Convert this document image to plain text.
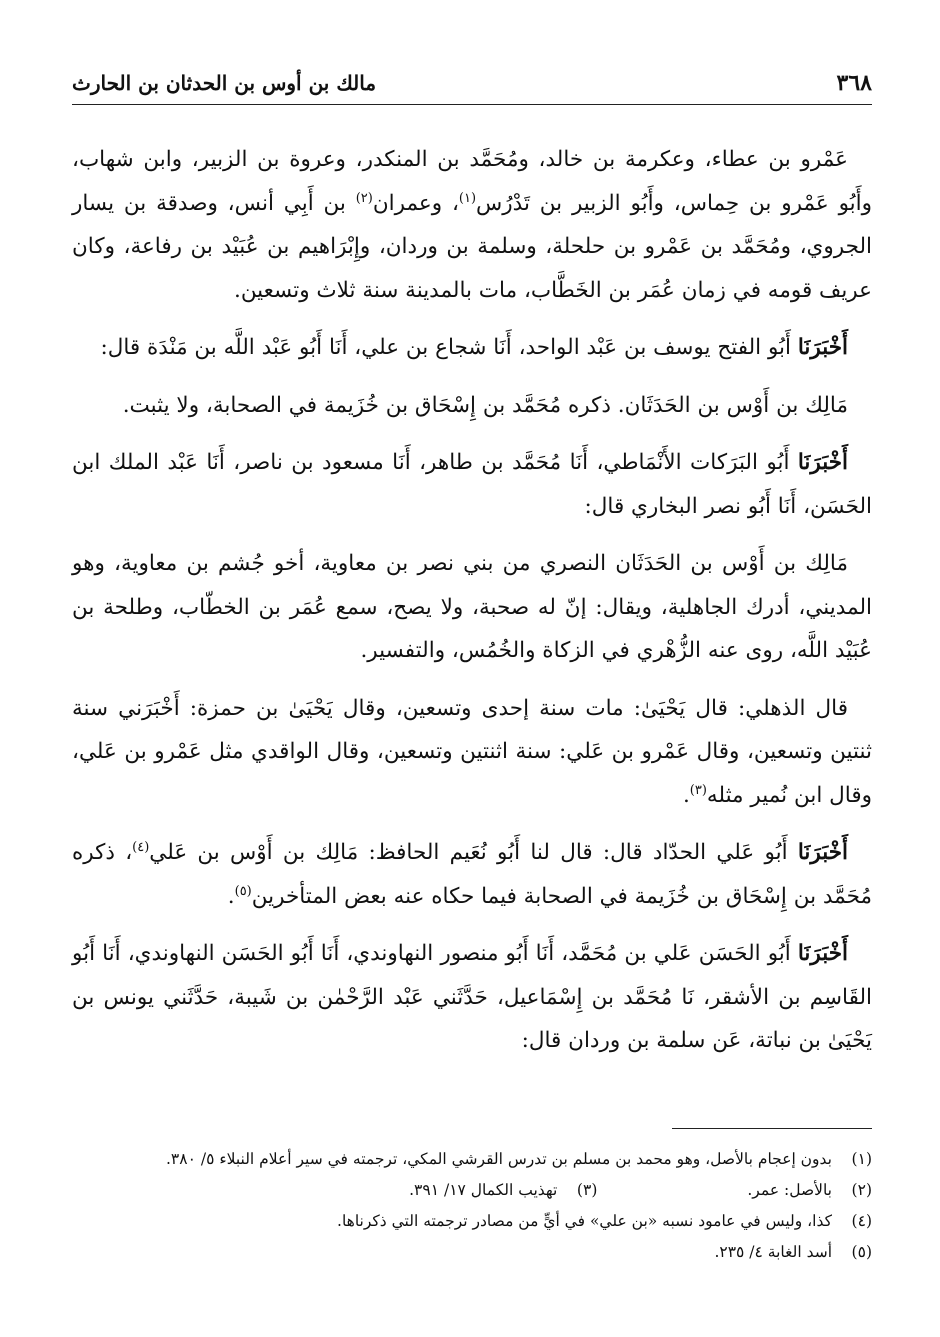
٣٦٨
مالك بن أوس بن الحدثان بن الحارث

عَمْرو بن عطاء، وعكرمة بن خالد، ومُحَمَّد بن المنكدر، وعروة بن الزبير، وابن شهاب، وأَبُو عَمْرو بن حِماس، وأَبُو الزبير بن تَدْرُس$^{(١)}$، وعمران$^{(٢)}$ بن أَبِي أنس، وصدقة بن يسار الجروي، ومُحَمَّد بن عَمْرو بن حلحلة، وسلمة بن وردان، وإِبْرَاهيم بن عُبَيْد بن رفاعة، وكان عريف قومه في زمان عُمَر بن الخَطَّاب، مات بالمدينة سنة ثلاث وتسعين.

أَخْبَرَنَا أَبُو الفتح يوسف بن عَبْد الواحد، أَنَا شجاع بن علي، أَنَا أَبُو عَبْد اللَّه بن مَنْدَة قال:

مَالِك بن أَوْس بن الحَدَثَان. ذكره مُحَمَّد بن إِسْحَاق بن خُزَيمة في الصحابة، ولا يثبت.

أَخْبَرَنَا أَبُو البَرَكات الأَنْمَاطي، أَنَا مُحَمَّد بن طاهر، أَنَا مسعود بن ناصر، أَنَا عَبْد الملك ابن الحَسَن، أَنَا أَبُو نصر البخاري قال:

مَالِك بن أَوْس بن الحَدَثَان النصري من بني نصر بن معاوية، أخو جُشم بن معاوية، وهو المديني، أدرك الجاهلية، ويقال: إنّ له صحبة، ولا يصح، سمع عُمَر بن الخطّاب، وطلحة بن عُبَيْد اللَّه، روى عنه الزُّهْري في الزكاة والخُمُس، والتفسير.

قال الذهلي: قال يَحْيَىٰ: مات سنة إحدى وتسعين، وقال يَحْيَىٰ بن حمزة: أَخْبَرَني سنة ثنتين وتسعين، وقال عَمْرو بن عَلي: سنة اثنتين وتسعين، وقال الواقدي مثل عَمْرو بن عَلي، وقال ابن نُمير مثله$^{(٣)}$.

أَخْبَرَنَا أَبُو عَلي الحدّاد قال: قال لنا أَبُو نُعَيم الحافظ: مَالِك بن أَوْس بن عَلي$^{(٤)}$، ذكره مُحَمَّد بن إِسْحَاق بن خُزَيمة في الصحابة فيما حكاه عنه بعض المتأخرين$^{(٥)}$.

أَخْبَرَنَا أَبُو الحَسَن عَلي بن مُحَمَّد، أَنَا أَبُو منصور النهاوندي، أَنَا أَبُو الحَسَن النهاوندي، أَنَا أَبُو القَاسِم بن الأشقر، نَا مُحَمَّد بن إِسْمَاعيل، حَدَّثَني عَبْد الرَّحْمٰن بن شَيبة، حَدَّثَني يونس بن يَحْيَىٰ بن نباتة، عَن سلمة بن وردان قال:

(١)
بدون إعجام بالأصل، وهو محمد بن مسلم بن تدرس القرشي المكي، ترجمته في سير أعلام النبلاء ٥/ ٣٨٠.
(٢)
بالأصل: عمر.
(٣)
تهذيب الكمال ١٧/ ٣٩١.
(٤)
كذا، وليس في عامود نسبه «بن علي» في أيٍّ من مصادر ترجمته التي ذكرناها.
(٥)
أسد الغابة ٤/ ٢٣٥.
